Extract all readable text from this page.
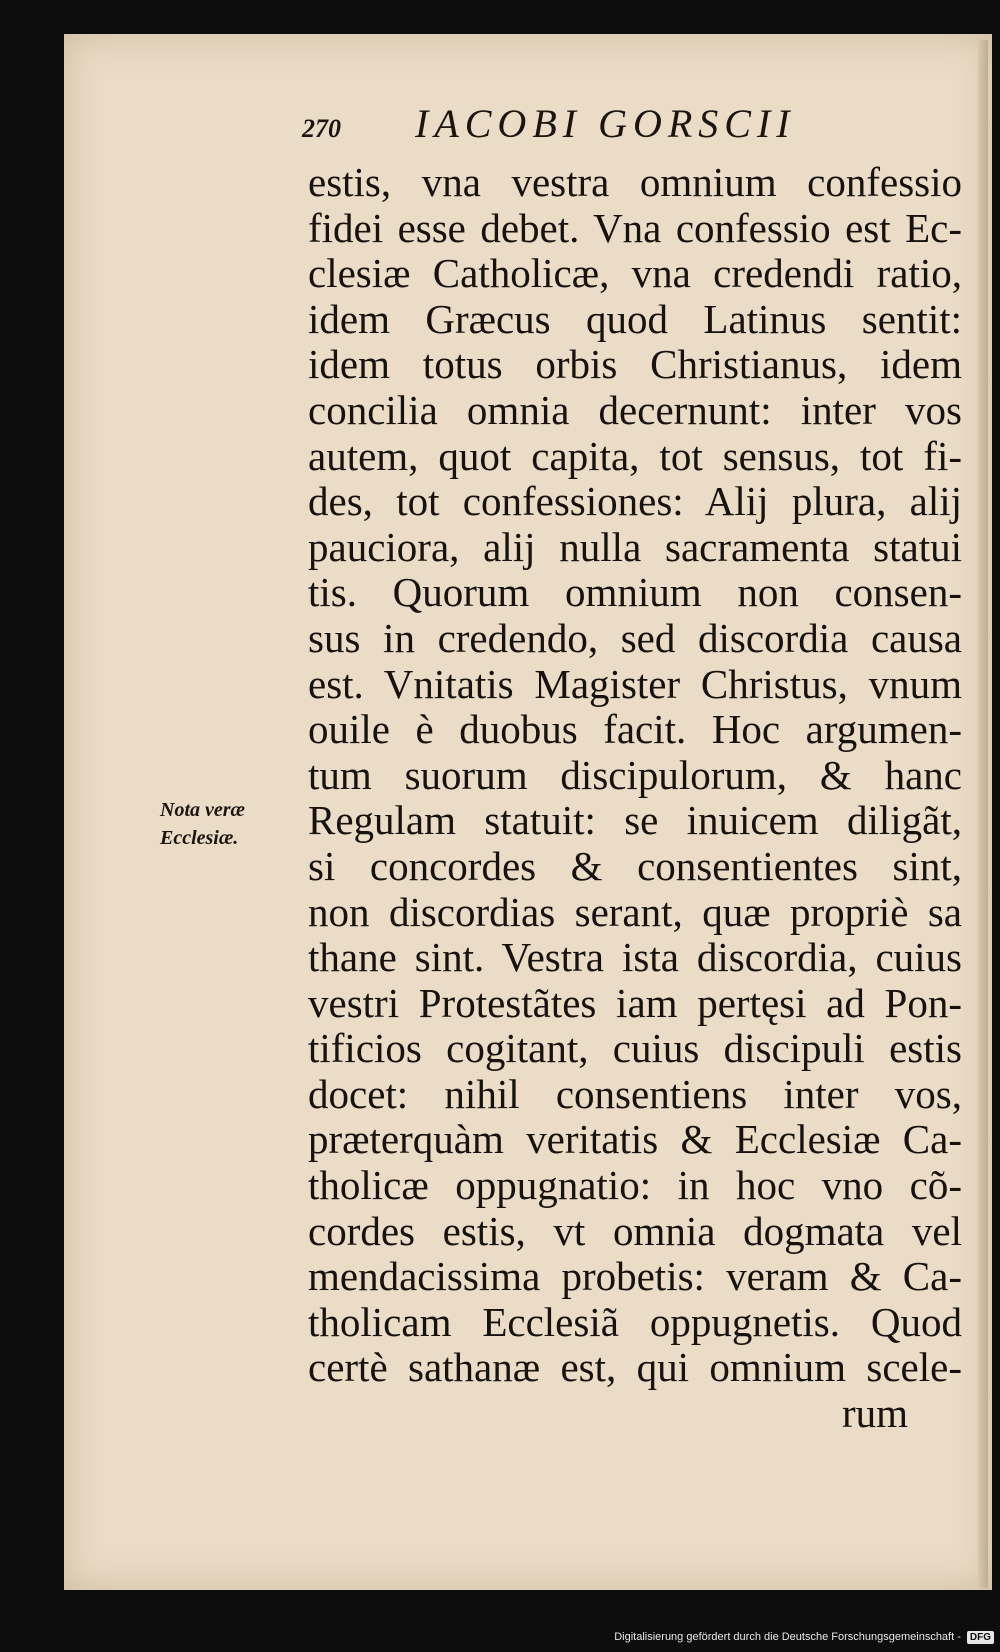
270 IACOBI GORSCII
Nota veræ
Ecclesiæ.
estis, vna vestra omnium confessio
fidei esse debet. Vna confessio est Ec-
clesiæ Catholicæ, vna credendi ratio,
idem Græcus quod Latinus sentit:
idem totus orbis Christianus, idem
concilia omnia decernunt: inter vos
autem, quot capita, tot sensus, tot fi-
des, tot confessiones: Alij plura, alij
pauciora, alij nulla sacramenta statui
tis. Quorum omnium non consen-
sus in credendo, sed discordia causa
est. Vnitatis Magister Christus, vnum
ouile è duobus facit. Hoc argumen-
tum suorum discipulorum, & hanc
Regulam statuit: se inuicem diligãt,
si concordes & consentientes sint,
non discordias serant, quæ propriè sa
thane sint. Vestra ista discordia, cuius
vestri Protestãtes iam pertęsi ad Pon-
tificios cogitant, cuius discipuli estis
docet: nihil consentiens inter vos,
præterquàm veritatis & Ecclesiæ Ca-
tholicæ oppugnatio: in hoc vno cõ-
cordes estis, vt omnia dogmata vel
mendacissima probetis: veram & Ca-
tholicam Ecclesiã oppugnetis. Quod
certè sathanæ est, qui omnium scele-
rum
Digitalisierung gefördert durch die Deutsche Forschungsgemeinschaft - DFG
